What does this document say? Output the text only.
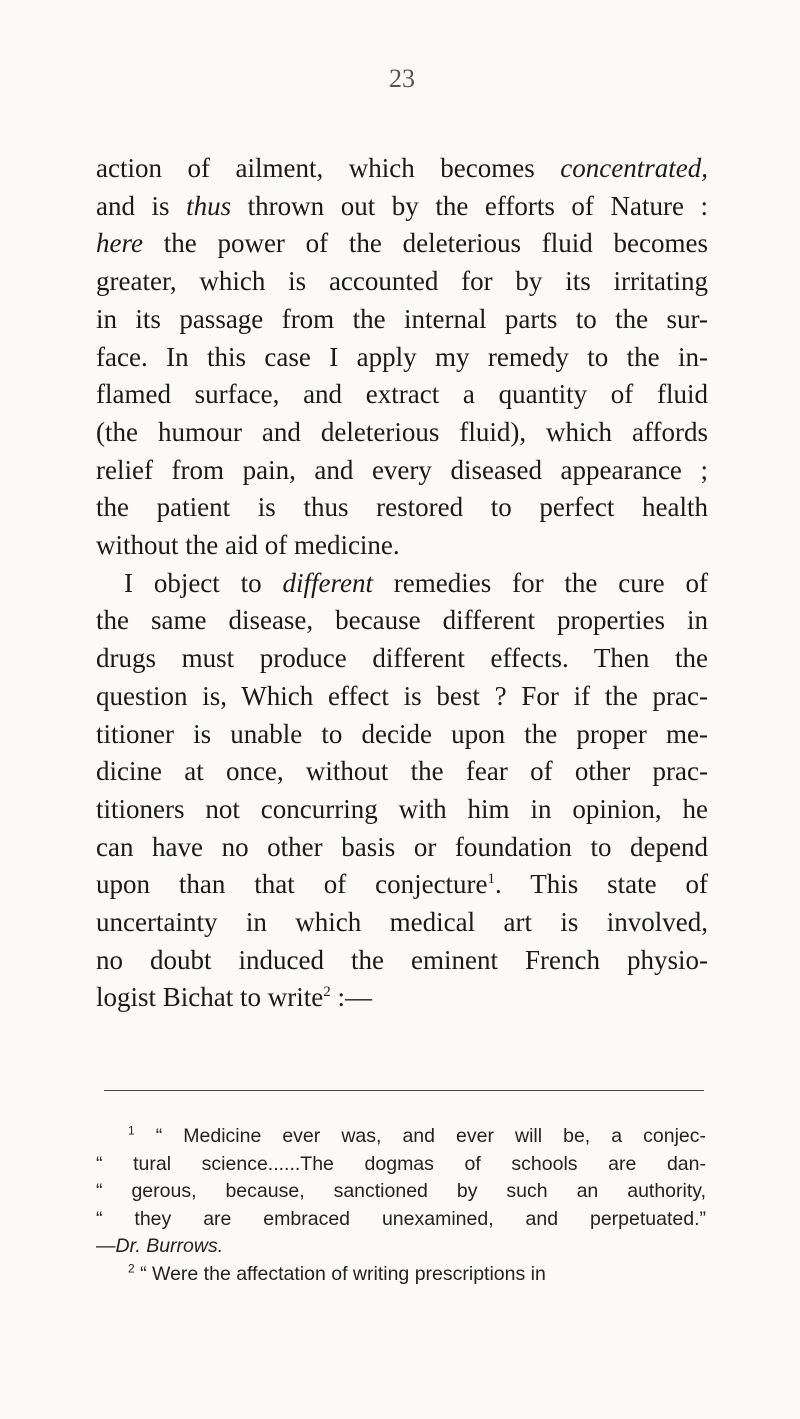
23

action of ailment, which becomes concentrated,
and is thus thrown out by the efforts of Nature :
here the power of the deleterious fluid becomes
greater, which is accounted for by its irritating
in its passage from the internal parts to the sur-
face. In this case I apply my remedy to the in-
flamed surface, and extract a quantity of fluid
(the humour and deleterious fluid), which affords
relief from pain, and every diseased appearance ;
the patient is thus restored to perfect health
without the aid of medicine.

I object to different remedies for the cure of
the same disease, because different properties in
drugs must produce different effects. Then the
question is, Which effect is best ? For if the prac-
titioner is unable to decide upon the proper me-
dicine at once, without the fear of other prac-
titioners not concurring with him in opinion, he
can have no other basis or foundation to depend
upon than that of conjecture$^1$. This state of
uncertainty in which medical art is involved,
no doubt induced the eminent French physio-
logist Bichat to write$^2$ :—

$^1$ “ Medicine ever was, and ever will be, a conjec-
“ tural science......The dogmas of schools are dan-
“ gerous, because, sanctioned by such an authority,
“ they are embraced unexamined, and perpetuated.”
—Dr. Burrows.
$^2$ “ Were the affectation of writing prescriptions in
